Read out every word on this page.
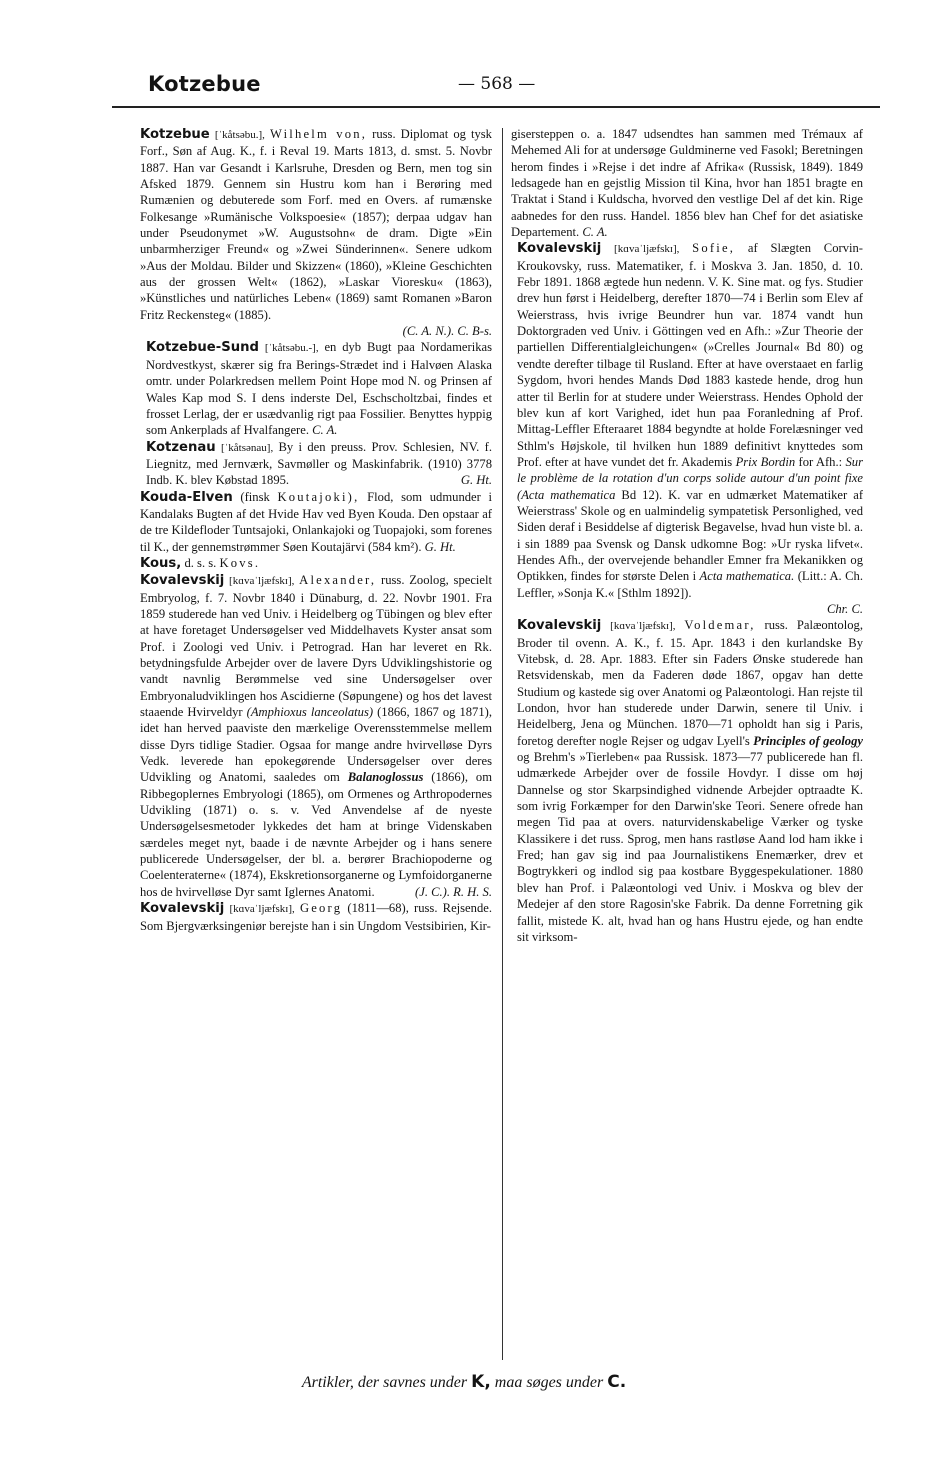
Kotzebue	— 568 —
Kotzebue [ˈkåtsəbu.], Wilhelm von, russ. Diplomat og tysk Forf., Søn af Aug. K., f. i Reval 19. Marts 1813, d. smst. 5. Novbr 1887. Han var Gesandt i Karlsruhe, Dresden og Bern, men tog sin Afsked 1879. Gennem sin Hustru kom han i Berøring med Rumænien og debuterede som Forf. med en Overs. af rumænske Folkesange »Rumänische Volkspoesie« (1857); derpaa udgav han under Pseudonymet »W. Augustsohn« de dram. Digte »Ein unbarmherziger Freund« og »Zwei Sünderinnen«. Senere udkom »Aus der Moldau. Bilder und Skizzen« (1860), »Kleine Geschichten aus der grossen Welt« (1862), »Laskar Vioresku« (1863), »Künstliches und natürliches Leben« (1869) samt Romanen »Baron Fritz Reckensteg« (1885).

(C. A. N.). C. B-s.

Kotzebue-Sund [ˈkåtsəbu.-], en dyb Bugt paa Nordamerikas Nordvestkyst, skærer sig fra Berings-Strædet ind i Halvøen Alaska omtr. under Polarkredsen mellem Point Hope mod N. og Prinsen af Wales Kap mod S. I dens inderste Del, Eschscholtzbai, findes et frosset Lerlag, der er usædvanlig rigt paa Fossilier. Benyttes hyppig som Ankerplads af Hvalfangere. C. A.
Kotzenau [ˈkåtsənau], By i den preuss. Prov. Schlesien, NV. f. Liegnitz, med Jernværk, Savmøller og Maskinfabrik. (1910) 3778 Indb. K. blev Købstad 1895.	G. Ht.
Kouda-Elven (finsk Koutajoki), Flod, som udmunder i Kandalaks Bugten af det Hvide Hav ved Byen Kouda. Den opstaar af de tre Kildefloder Tuntsajoki, Onlankajoki og Tuopajoki, som forenes til K., der gennemstrømmer Søen Koutajärvi (584 km²). G. Ht.
Kous, d. s. s. Kovs.
Kovalevskij [kɑvaˈljæfskɪ], Alexander, russ. Zoolog, specielt Embryolog, f. 7. Novbr 1840 i Dünaburg, d. 22. Novbr 1901. Fra 1859 studerede han ved Univ. i Heidelberg og Tübingen og blev efter at have foretaget Undersøgelser ved Middelhavets Kyster ansat som Prof. i Zoologi ved Univ. i Petrograd. Han har leveret en Rk. betydningsfulde Arbejder over de lavere Dyrs Udviklingshistorie og vandt navnlig Berømmelse ved sine Undersøgelser over Embryonaludviklingen hos Ascidierne (Søpungene) og hos det lavest staaende Hvirveldyr (Amphioxus lanceolatus) (1866, 1867 og 1871), idet han herved paaviste den mærkelige Overensstemmelse mellem disse Dyrs tidlige Stadier. Ogsaa for mange andre hvirvelløse Dyrs Vedk. leverede han epokegørende Undersøgelser over deres Udvikling og Anatomi, saaledes om Balanoglossus (1866), om Ribbegoplernes Embryologi (1865), om Ormenes og Arthropodernes Udvikling (1871) o. s. v. Ved Anvendelse af de nyeste Undersøgelsesmetoder lykkedes det ham at bringe Videnskaben særdeles meget nyt, baade i de nævnte Arbejder og i hans senere publicerede Undersøgelser, der bl. a. berører Brachiopoderne og Coelenteraterne« (1874), Ekskretionsorganerne og Lymfoidorganerne hos de hvirvelløse Dyr samt Iglernes Anatomi.	(J. C.). R. H. S.
Kovalevskij [kɑvaˈljæfskɪ], Georg (1811—68), russ. Rejsende. Som Bjergværksingeniør berejste han i sin Ungdom Vestsibirien, Kir-
gisersteppen o. a. 1847 udsendtes han sammen med Trémaux af Mehemed Ali for at undersøge Guldminerne ved Fasokl; Beretningen herom findes i »Rejse i det indre af Afrika« (Russisk, 1849). 1849 ledsagede han en gejstlig Mission til Kina, hvor han 1851 bragte en Traktat i Stand i Kuldscha, hvorved den vestlige Del af det kin. Rige aabnedes for den russ. Handel. 1856 blev han Chef for det asiatiske Departement. C. A.
Kovalevskij [kɑvaˈljæfskɪ], Sofie, af Slægten Corvin-Kroukovsky, russ. Matematiker, f. i Moskva 3. Jan. 1850, d. 10. Febr 1891. 1868 ægtede hun nedenn. V. K. Sine mat. og fys. Studier drev hun først i Heidelberg, derefter 1870—74 i Berlin som Elev af Weierstrass, hvis ivrige Beundrer hun var. 1874 vandt hun Doktorgraden ved Univ. i Göttingen ved en Afh.: »Zur Theorie der partiellen Differentialgleichungen« (»Crelles Journal« Bd 80) og vendte derefter tilbage til Rusland. Efter at have overstaaet en farlig Sygdom, hvori hendes Mands Død 1883 kastede hende, drog hun atter til Berlin for at studere under Weierstrass. Hendes Ophold der blev kun af kort Varighed, idet hun paa Foranledning af Prof. Mittag-Leffler Efteraaret 1884 begyndte at holde Forelæsninger ved Sthlm's Højskole, til hvilken hun 1889 definitivt knyttedes som Prof. efter at have vundet det fr. Akademis Prix Bordin for Afh.: Sur le problème de la rotation d'un corps solide autour d'un point fixe (Acta mathematica Bd 12). K. var en udmærket Matematiker af Weierstrass' Skole og en ualmindelig sympatetisk Personlighed, ved Siden deraf i Besiddelse af digterisk Begavelse, hvad hun viste bl. a. i sin 1889 paa Svensk og Dansk udkomne Bog: »Ur ryska lifvet«. Hendes Afh., der overvejende behandler Emner fra Mekanikken og Optikken, findes for største Delen i Acta mathematica. (Litt.: A. Ch. Leffler, »Sonja K.« [Sthlm 1892]).

Chr. C.

Kovalevskij [kɑvaˈljæfskɪ], Voldemar, russ. Palæontolog, Broder til ovenn. A. K., f. 15. Apr. 1843 i den kurlandske By Vitebsk, d. 28. Apr. 1883. Efter sin Faders Ønske studerede han Retsvidenskab, men da Faderen døde 1867, opgav han dette Studium og kastede sig over Anatomi og Palæontologi. Han rejste til London, hvor han studerede under Darwin, senere til Univ. i Heidelberg, Jena og München. 1870—71 opholdt han sig i Paris, foretog derefter nogle Rejser og udgav Lyell's Principles of geology og Brehm's »Tierleben« paa Russisk. 1873—77 publicerede han fl. udmærkede Arbejder over de fossile Hovdyr. I disse om høj Dannelse og stor Skarpsindighed vidnende Arbejder optraadte K. som ivrig Forkæmper for den Darwin'ske Teori. Senere ofrede han megen Tid paa at overs. naturvidenskabelige Værker og tyske Klassikere i det russ. Sprog, men hans rastløse Aand lod ham ikke i Fred; han gav sig ind paa Journalistikens Enemærker, drev et Bogtrykkeri og indlod sig paa kostbare Byggespekulationer. 1880 blev han Prof. i Palæontologi ved Univ. i Moskva og blev der Medejer af den store Ragosin'ske Fabrik. Da denne Forretning gik fallit, mistede K. alt, hvad han og hans Hustru ejede, og han endte sit virksom-
Artikler, der savnes under K, maa søges under C.
